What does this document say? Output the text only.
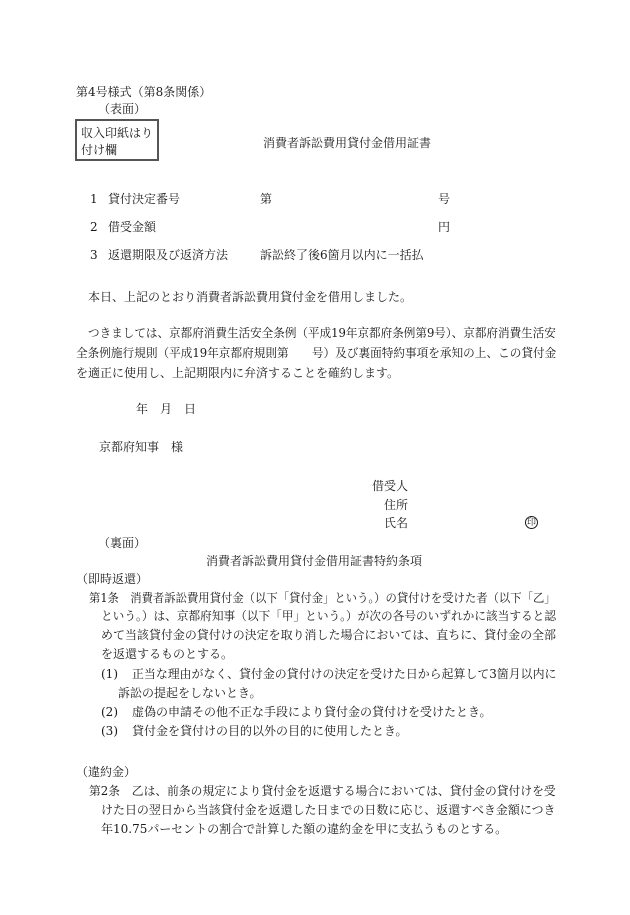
第4号様式（第8条関係）
（表面）
収入印紙はり
付け欄	消費者訴訟費用貸付金借用証書
1 貸付決定番号	第	号
2 借受金額	円
3 返還期限及び返済方法	訴訟終了後6箇月以内に一括払
本日、上記のとおり消費者訴訟費用貸付金を借用しました。
つきましては、京都府消費生活安全条例（平成19年京都府条例第9号）、京都府消費生活安
全条例施行規則（平成19年京都府規則第　　号）及び裏面特約事項を承知の上、この貸付金
を適正に使用し、上記期限内に弁済することを確約します。
年　月　日
京都府知事　様
借受人
住所
氏名	印
（裏面）
消費者訴訟費用貸付金借用証書特約条項
（即時返還）
第1条　消費者訴訟費用貸付金（以下「貸付金」という。）の貸付けを受けた者（以下「乙」
という。）は、京都府知事（以下「甲」という。）が次の各号のいずれかに該当すると認
めて当該貸付金の貸付けの決定を取り消した場合においては、直ちに、貸付金の全部
を返還するものとする。
(1) 正当な理由がなく、貸付金の貸付けの決定を受けた日から起算して3箇月以内に
訴訟の提起をしないとき。
(2) 虚偽の申請その他不正な手段により貸付金の貸付けを受けたとき。
(3) 貸付金を貸付けの目的以外の目的に使用したとき。
（違約金）
第2条　乙は、前条の規定により貸付金を返還する場合においては、貸付金の貸付けを受
けた日の翌日から当該貸付金を返還した日までの日数に応じ、返還すべき金額につき
年10.75パーセントの割合で計算した額の違約金を甲に支払うものとする。
